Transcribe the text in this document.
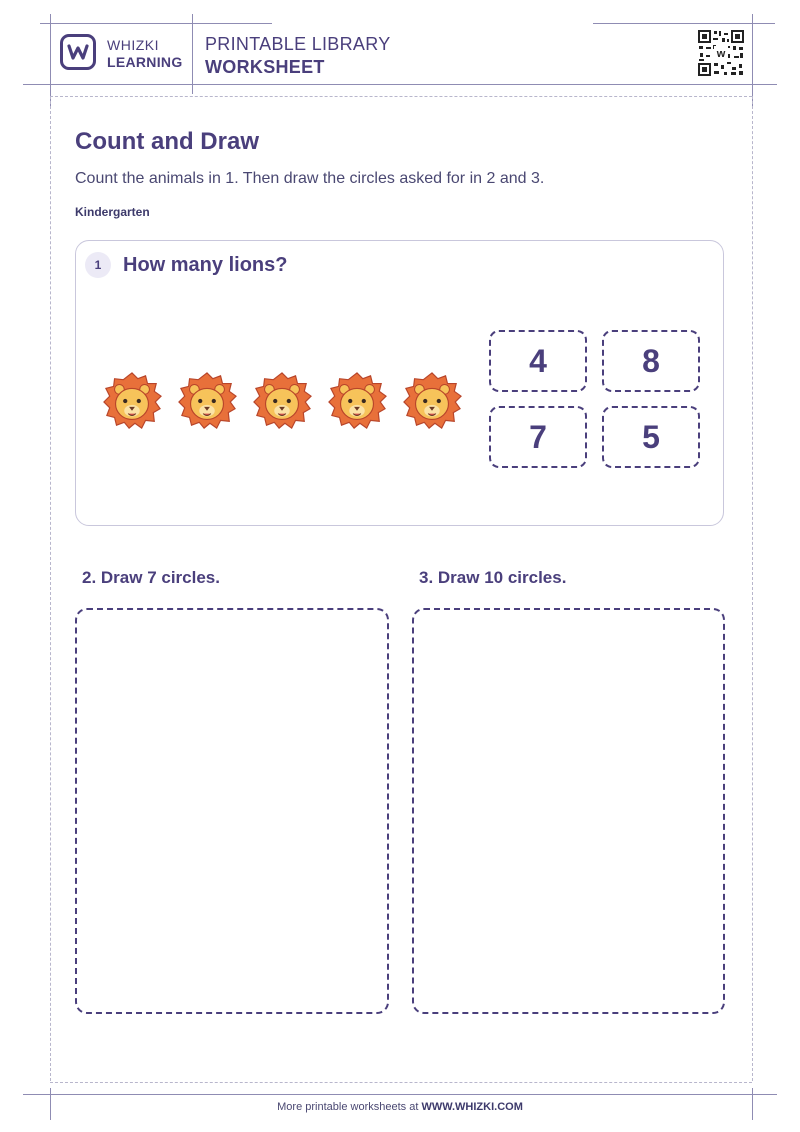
WHIZKI
LEARNING
PRINTABLE LIBRARY
WORKSHEET
w
Count and Draw
Count the animals in 1. Then draw the circles asked for in 2 and 3.
Kindergarten
1	How many lions?
4	8
7	5
2. Draw 7 circles.	3. Draw 10 circles.
More printable worksheets at WWW.WHIZKI.COM
